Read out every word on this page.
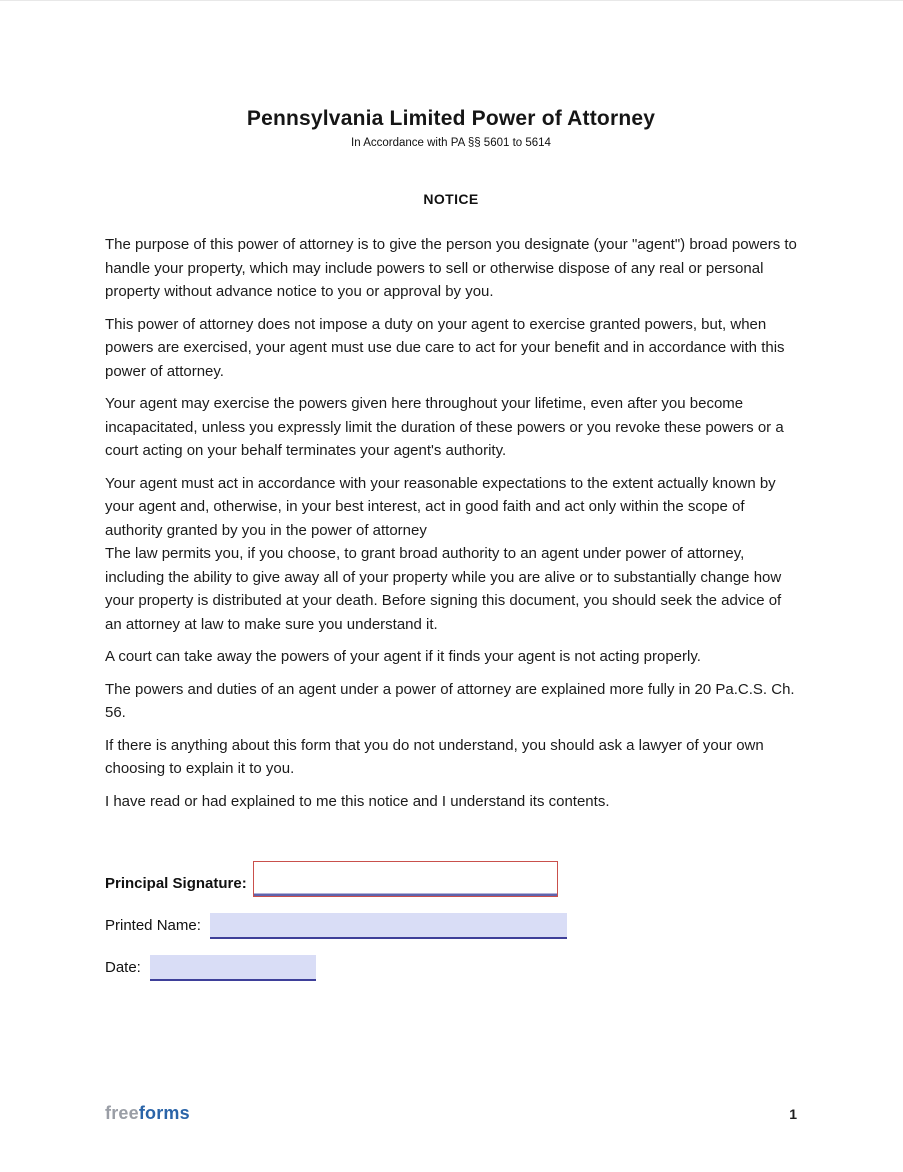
Pennsylvania Limited Power of Attorney
In Accordance with PA §§ 5601 to 5614
NOTICE

The purpose of this power of attorney is to give the person you designate (your "agent") broad powers to handle your property, which may include powers to sell or otherwise dispose of any real or personal property without advance notice to you or approval by you.

This power of attorney does not impose a duty on your agent to exercise granted powers, but, when powers are exercised, your agent must use due care to act for your benefit and in accordance with this power of attorney.

Your agent may exercise the powers given here throughout your lifetime, even after you become incapacitated, unless you expressly limit the duration of these powers or you revoke these powers or a court acting on your behalf terminates your agent's authority.

Your agent must act in accordance with your reasonable expectations to the extent actually known by your agent and, otherwise, in your best interest, act in good faith and act only within the scope of authority granted by you in the power of attorney

The law permits you, if you choose, to grant broad authority to an agent under power of attorney, including the ability to give away all of your property while you are alive or to substantially change how your property is distributed at your death. Before signing this document, you should seek the advice of an attorney at law to make sure you understand it.

A court can take away the powers of your agent if it finds your agent is not acting properly.

The powers and duties of an agent under a power of attorney are explained more fully in 20 Pa.C.S. Ch. 56.

If there is anything about this form that you do not understand, you should ask a lawyer of your own choosing to explain it to you.

I have read or had explained to me this notice and I understand its contents.

Principal Signature:
Printed Name:
Date:
freeforms	1
